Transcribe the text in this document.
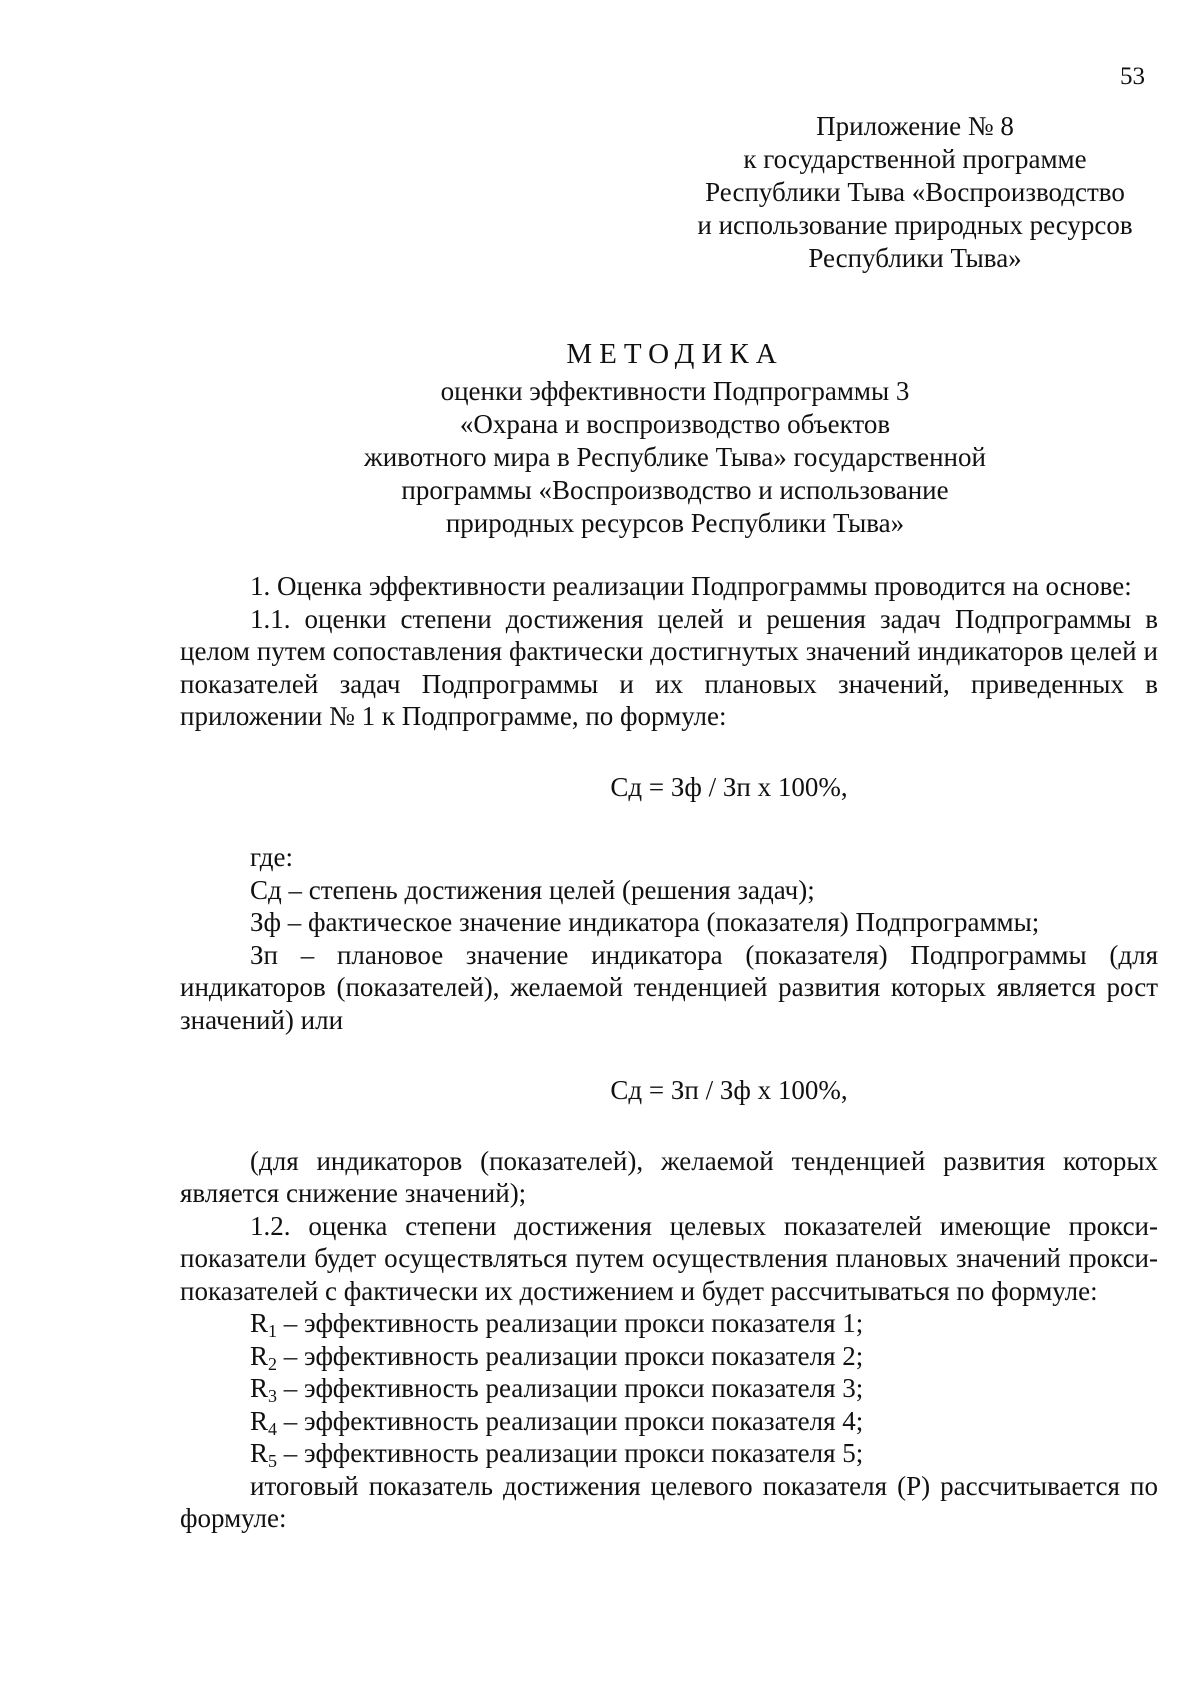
53
Приложение № 8
к государственной программе
Республики Тыва «Воспроизводство
и использование природных ресурсов
Республики Тыва»
МЕТОДИКА
оценки эффективности Подпрограммы 3
«Охрана и воспроизводство объектов
животного мира в Республике Тыва» государственной
программы «Воспроизводство и использование
природных ресурсов Республики Тыва»

1. Оценка эффективности реализации Подпрограммы проводится на основе:

1.1. оценки степени достижения целей и решения задач Подпрограммы в целом путем сопоставления фактически достигнутых значений индикаторов целей и показателей задач Подпрограммы и их плановых значений, приведенных в приложении № 1 к Подпрограмме, по формуле:

Сд = Зф / Зп х 100%,

где:

Сд – степень достижения целей (решения задач);

Зф – фактическое значение индикатора (показателя) Подпрограммы;

Зп – плановое значение индикатора (показателя) Подпрограммы (для индикаторов (показателей), желаемой тенденцией развития которых является рост значений) или

Сд = Зп / Зф х 100%,

(для индикаторов (показателей), желаемой тенденцией развития которых является снижение значений);

1.2. оценка степени достижения целевых показателей имеющие прокси-показатели будет осуществляться путем осуществления плановых значений прокси-показателей с фактически их достижением и будет рассчитываться по формуле:

$R_1$ – эффективность реализации прокси показателя 1;

$R_2$ – эффективность реализации прокси показателя 2;

$R_3$ – эффективность реализации прокси показателя 3;

$R_4$ – эффективность реализации прокси показателя 4;

$R_5$ – эффективность реализации прокси показателя 5;

итоговый показатель достижения целевого показателя (Р) рассчитывается по формуле:
